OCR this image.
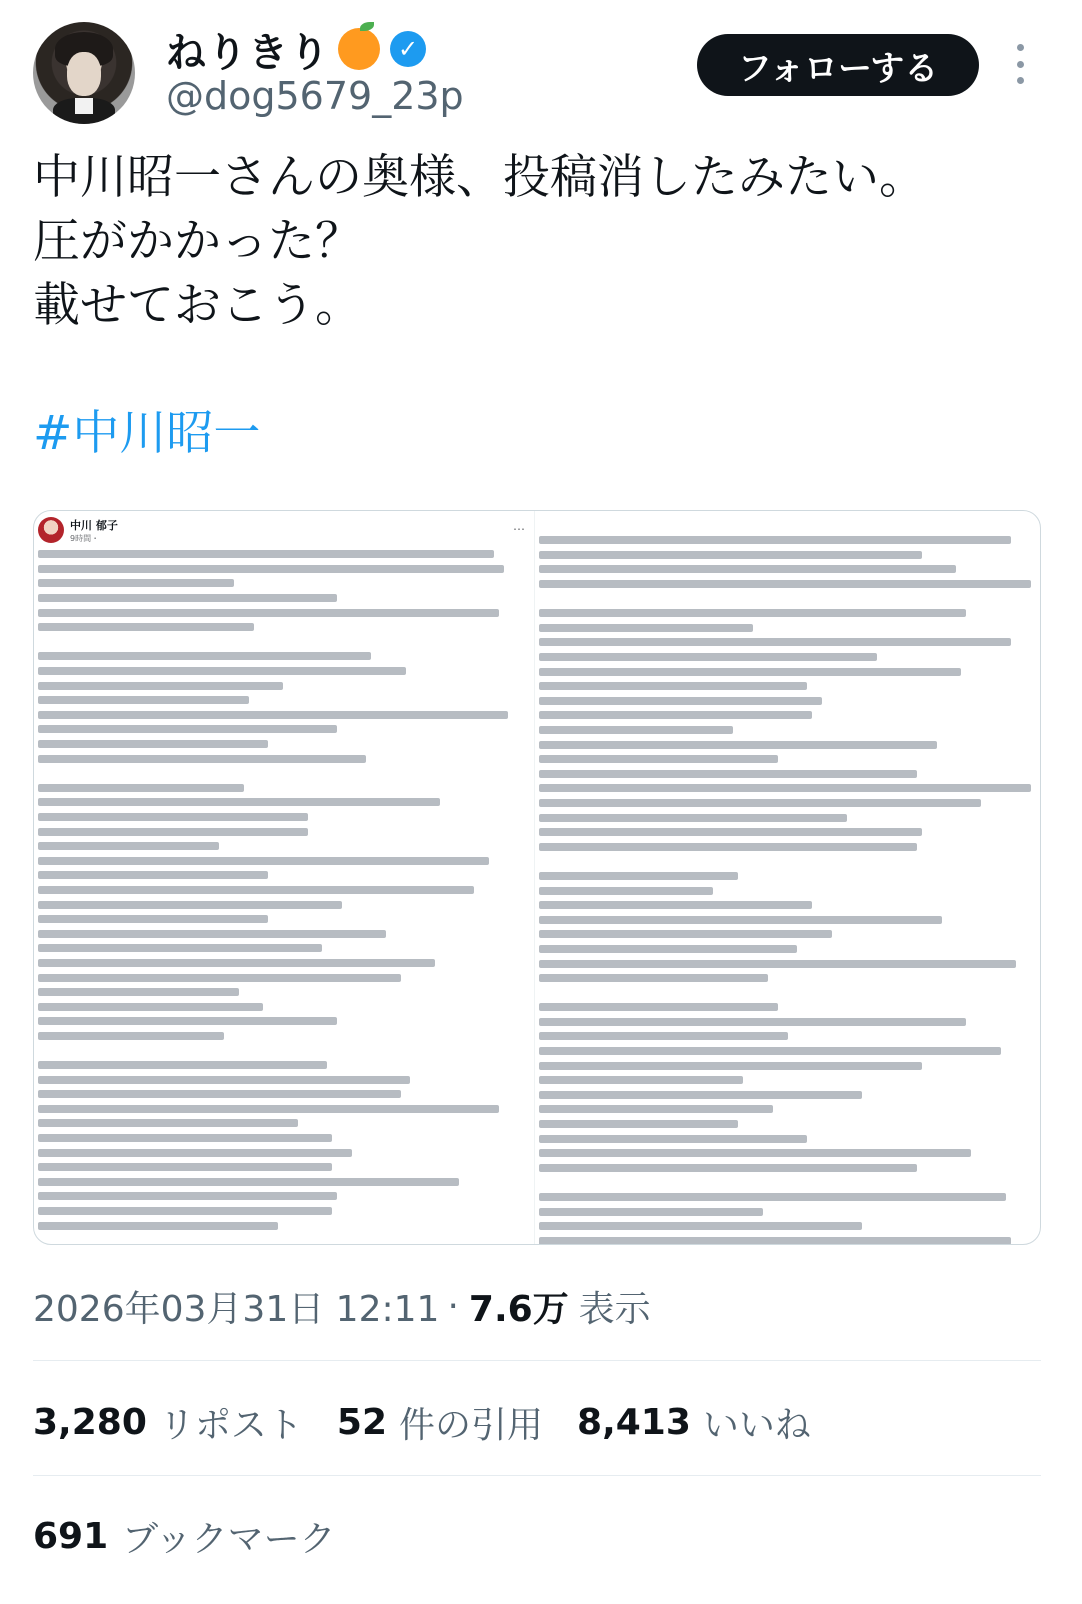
ねりきり	✓
@dog5679_23p
フォローする
中川昭一さんの奥様、投稿消したみたい。
圧がかかった？
載せておこう。
#中川昭一
中川 郁子
9時間・
…
2026年03月31日 12:11 · 7.6万 表示
3,280 リポスト 52 件の引用 8,413 いいね
691 ブックマーク
